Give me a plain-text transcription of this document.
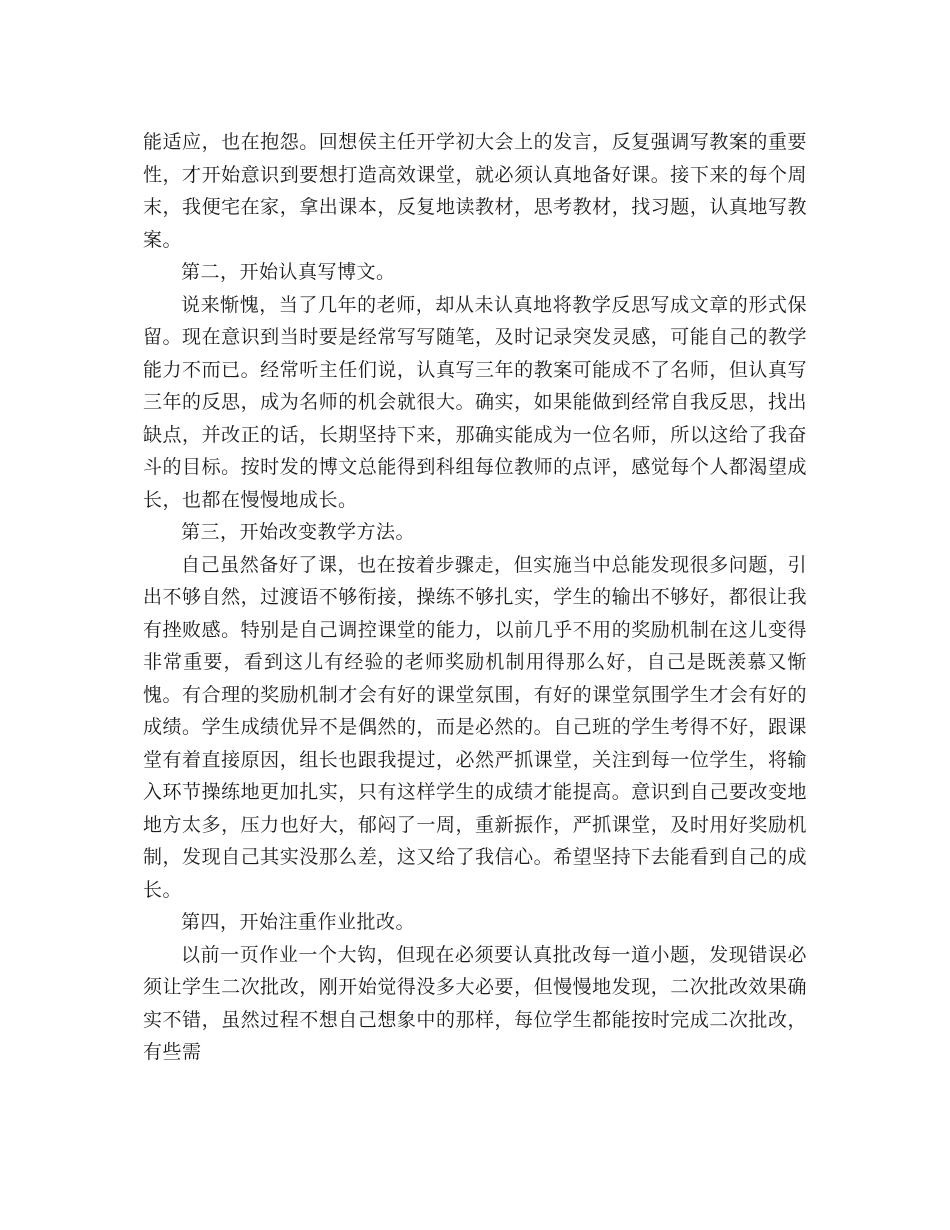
能适应，也在抱怨。回想侯主任开学初大会上的发言，反复强调写教案的重要性，才开始意识到要想打造高效课堂，就必须认真地备好课。接下来的每个周末，我便宅在家，拿出课本，反复地读教材，思考教材，找习题，认真地写教案。

第二，开始认真写博文。

说来惭愧，当了几年的老师，却从未认真地将教学反思写成文章的形式保留。现在意识到当时要是经常写写随笔，及时记录突发灵感，可能自己的教学能力不而已。经常听主任们说，认真写三年的教案可能成不了名师，但认真写三年的反思，成为名师的机会就很大。确实，如果能做到经常自我反思，找出缺点，并改正的话，长期坚持下来，那确实能成为一位名师，所以这给了我奋斗的目标。按时发的博文总能得到科组每位教师的点评，感觉每个人都渴望成长，也都在慢慢地成长。

第三，开始改变教学方法。

自己虽然备好了课，也在按着步骤走，但实施当中总能发现很多问题，引出不够自然，过渡语不够衔接，操练不够扎实，学生的输出不够好，都很让我有挫败感。特别是自己调控课堂的能力，以前几乎不用的奖励机制在这儿变得非常重要，看到这儿有经验的老师奖励机制用得那么好，自己是既羡慕又惭愧。有合理的奖励机制才会有好的课堂氛围，有好的课堂氛围学生才会有好的成绩。学生成绩优异不是偶然的，而是必然的。自己班的学生考得不好，跟课堂有着直接原因，组长也跟我提过，必然严抓课堂，关注到每一位学生，将输入环节操练地更加扎实，只有这样学生的成绩才能提高。意识到自己要改变地地方太多，压力也好大，郁闷了一周，重新振作，严抓课堂，及时用好奖励机制，发现自己其实没那么差，这又给了我信心。希望坚持下去能看到自己的成长。

第四，开始注重作业批改。

以前一页作业一个大钩，但现在必须要认真批改每一道小题，发现错误必须让学生二次批改，刚开始觉得没多大必要，但慢慢地发现，二次批改效果确实不错，虽然过程不想自己想象中的那样，每位学生都能按时完成二次批改，有些需
